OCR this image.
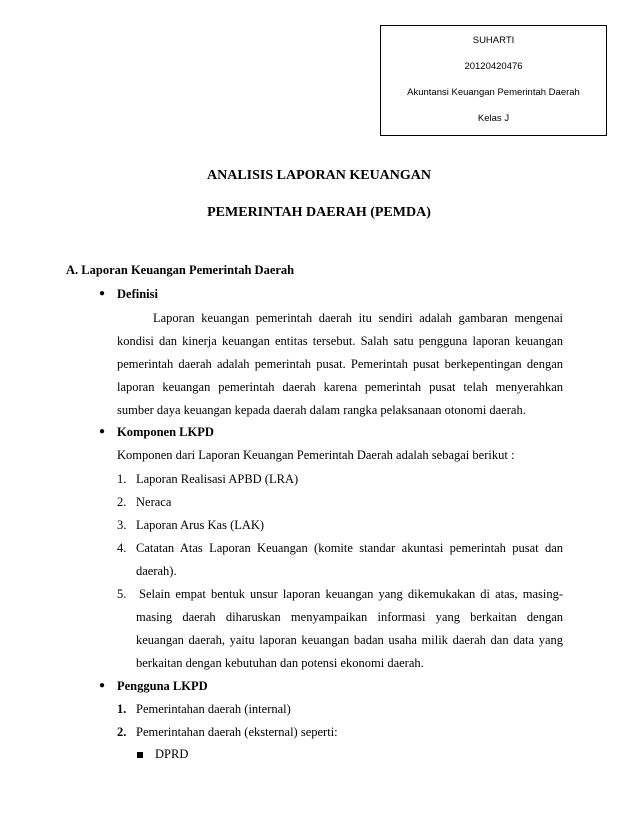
SUHARTI
20120420476
Akuntansi Keuangan Pemerintah Daerah
Kelas J
ANALISIS LAPORAN KEUANGAN
PEMERINTAH DAERAH (PEMDA)
A. Laporan Keuangan Pemerintah Daerah
● Definisi
Laporan keuangan pemerintah daerah itu sendiri adalah gambaran mengenai
kondisi dan kinerja keuangan entitas tersebut. Salah satu pengguna laporan keuangan
pemerintah daerah adalah pemerintah pusat. Pemerintah pusat berkepentingan dengan
laporan keuangan pemerintah daerah karena pemerintah pusat telah menyerahkan
sumber daya keuangan kepada daerah dalam rangka pelaksanaan otonomi daerah.
● Komponen LKPD
Komponen dari Laporan Keuangan Pemerintah Daerah adalah sebagai berikut :
1. Laporan Realisasi APBD (LRA)
2. Neraca
3. Laporan Arus Kas (LAK)
4. Catatan Atas Laporan Keuangan (komite standar akuntasi pemerintah pusat dan
daerah).
5. Selain empat bentuk unsur laporan keuangan yang dikemukakan di atas, masing-
masing daerah diharuskan menyampaikan informasi yang berkaitan dengan
keuangan daerah, yaitu laporan keuangan badan usaha milik daerah dan data yang
berkaitan dengan kebutuhan dan potensi ekonomi daerah.
● Pengguna LKPD
1. Pemerintahan daerah (internal)
2. Pemerintahan daerah (eksternal) seperti:
DPRD
